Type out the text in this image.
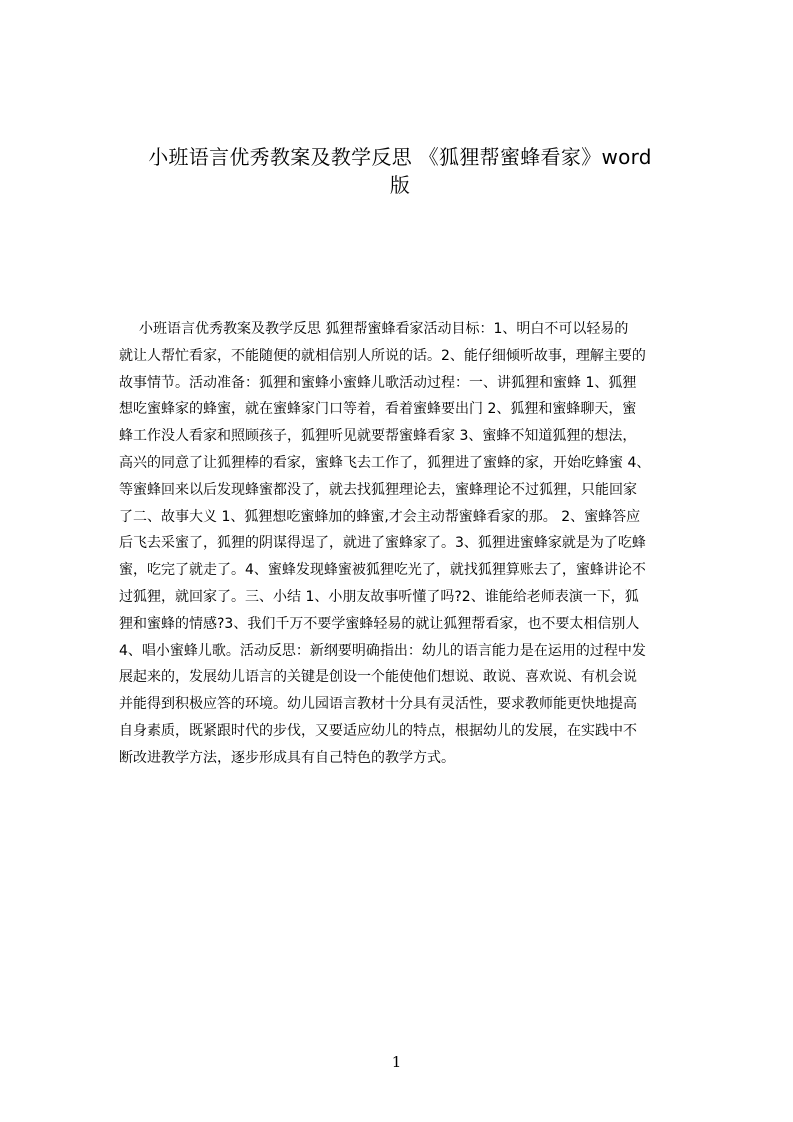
小班语言优秀教案及教学反思 《狐狸帮蜜蜂看家》word
版
小班语言优秀教案及教学反思 狐狸帮蜜蜂看家活动目标：1、明白不可以轻易的
就让人帮忙看家，不能随便的就相信别人所说的话。2、能仔细倾听故事，理解主要的
故事情节。活动准备：狐狸和蜜蜂小蜜蜂儿歌活动过程：一、讲狐狸和蜜蜂 1、狐狸
想吃蜜蜂家的蜂蜜，就在蜜蜂家门口等着，看着蜜蜂要出门 2、狐狸和蜜蜂聊天，蜜
蜂工作没人看家和照顾孩子，狐狸听见就要帮蜜蜂看家 3、蜜蜂不知道狐狸的想法，
高兴的同意了让狐狸棒的看家，蜜蜂飞去工作了，狐狸进了蜜蜂的家，开始吃蜂蜜 4、
等蜜蜂回来以后发现蜂蜜都没了，就去找狐狸理论去，蜜蜂理论不过狐狸，只能回家
了二、故事大义 1、狐狸想吃蜜蜂加的蜂蜜,才会主动帮蜜蜂看家的那。 2、蜜蜂答应
后飞去采蜜了，狐狸的阴谋得逞了，就进了蜜蜂家了。3、狐狸进蜜蜂家就是为了吃蜂
蜜，吃完了就走了。4、蜜蜂发现蜂蜜被狐狸吃光了，就找狐狸算账去了，蜜蜂讲论不
过狐狸，就回家了。三、小结 1、小朋友故事听懂了吗?2、谁能给老师表演一下，狐
狸和蜜蜂的情感?3、我们千万不要学蜜蜂轻易的就让狐狸帮看家，也不要太相信别人
4、唱小蜜蜂儿歌。活动反思：新纲要明确指出：幼儿的语言能力是在运用的过程中发
展起来的，发展幼儿语言的关键是创设一个能使他们想说、敢说、喜欢说、有机会说
并能得到积极应答的环境。幼儿园语言教材十分具有灵活性，要求教师能更快地提高
自身素质，既紧跟时代的步伐，又要适应幼儿的特点，根据幼儿的发展，在实践中不
断改进教学方法，逐步形成具有自己特色的教学方式。
1
